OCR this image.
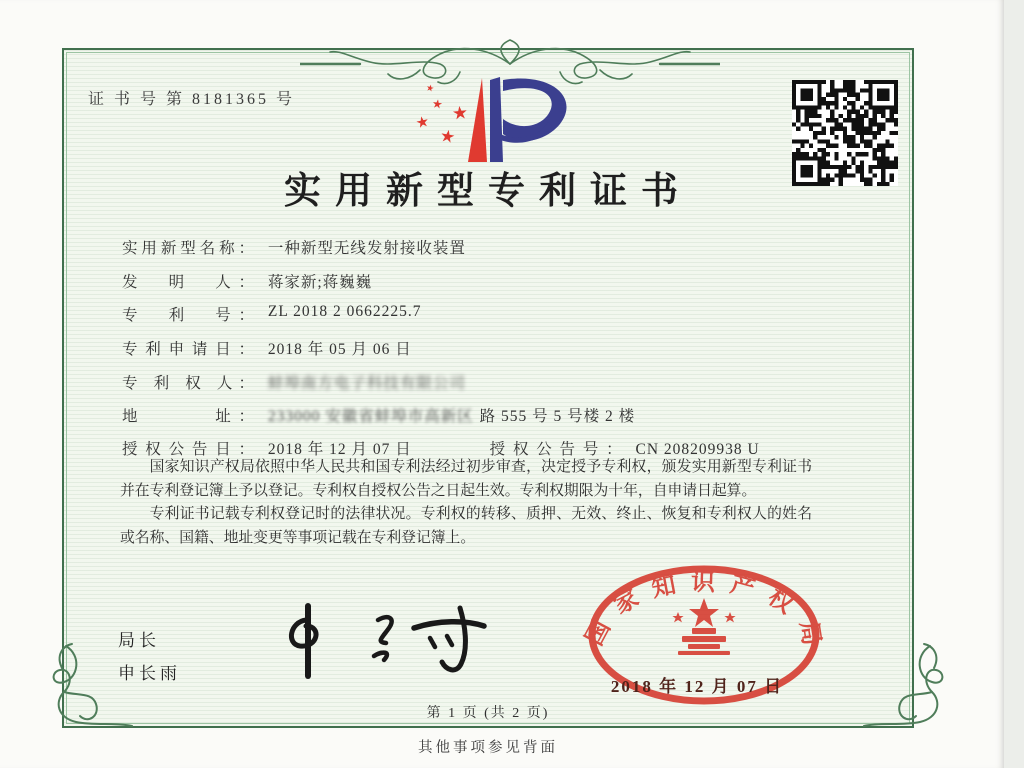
证 书 号 第 8181365 号
★
★ ★
★
★
实用新型专利证书
实用新型名称： 一种新型无线发射接收装置
发　明　人： 蒋家新;蒋巍巍
专　利　号： ZL 2018 2 0662225.7
专利申请日： 2018 年 05 月 06 日
专 利 权 人： 蚌埠南方电子科技有限公司
地　　　址： 233000 安徽省蚌埠市高新区 路 555 号 5 号楼 2 楼
授权公告日： 2018 年 12 月 07 日	授权公告号： CN 208209938 U

国家知识产权局依照中华人民共和国专利法经过初步审查，决定授予专利权，颁发实用新型专利证书并在专利登记簿上予以登记。专利权自授权公告之日起生效。专利权期限为十年，自申请日起算。

专利证书记载专利权登记时的法律状况。专利权的转移、质押、无效、终止、恢复和专利权人的姓名或名称、国籍、地址变更等事项记载在专利登记簿上。

局长
申长雨
国家知识产权局
2018 年 12 月 07 日
第 1 页 (共 2 页)
其他事项参见背面
